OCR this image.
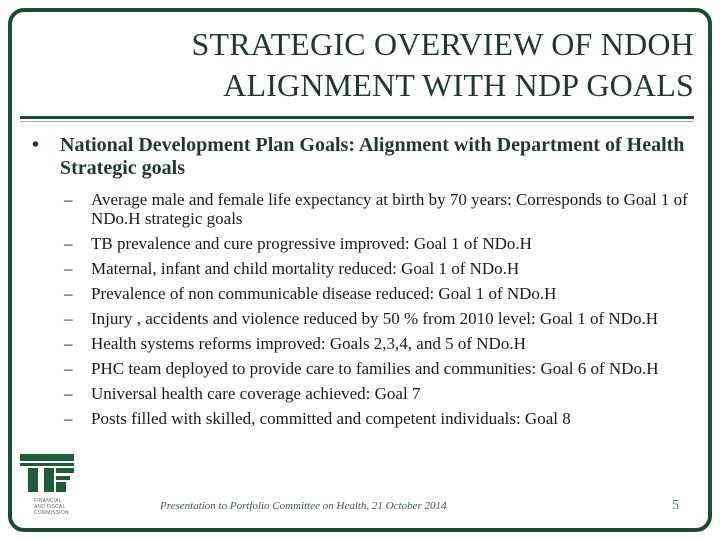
STRATEGIC OVERVIEW OF NDOH
ALIGNMENT WITH NDP GOALS
•	National Development Plan Goals: Alignment with Department of Health Strategic goals
– Average male and female life expectancy at birth by 70 years: Corresponds to Goal 1 of NDo.H strategic goals
– TB prevalence and cure progressive improved: Goal 1 of NDo.H
– Maternal, infant and child mortality reduced: Goal 1 of NDo.H
– Prevalence of non communicable disease reduced: Goal 1 of NDo.H
– Injury , accidents and violence reduced by 50 % from 2010 level: Goal 1 of NDo.H
– Health systems reforms improved: Goals 2,3,4, and 5 of NDo.H
– PHC team deployed to provide care to families and communities: Goal 6 of NDo.H
– Universal health care coverage achieved: Goal 7
– Posts filled with skilled, committed and competent individuals: Goal 8
FINANCIAL
AND FISCAL
COMMISSION
Presentation to Portfolio Committee on Health, 21 October 2014	5
